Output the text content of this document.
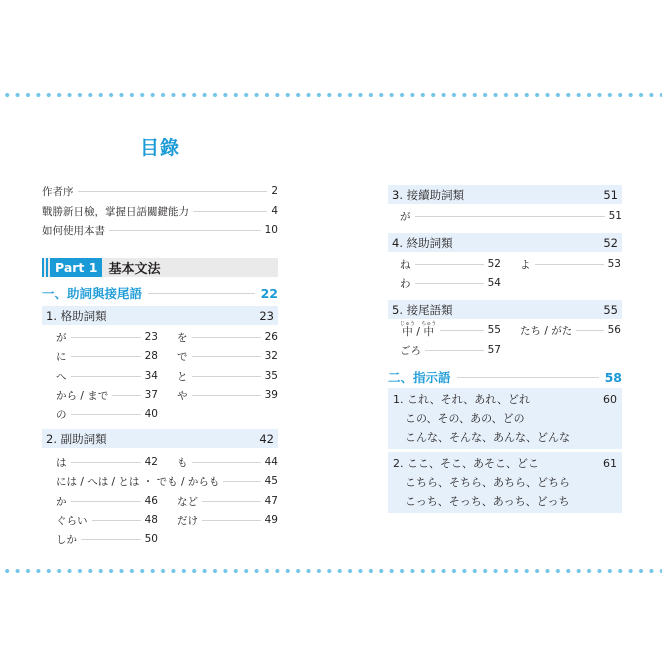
目錄
作者序	2
戰勝新日檢，掌握日語關鍵能力	4
如何使用本書	10
Part 1 基本文法
一、助詞與接尾語	22
1. 格助詞類	23
が	23 を	26
に	28 で	32
へ	34 と	35
から / まで	37 や	39
の	40
2. 副助詞類	42
は	42 も	44
には / へは / とは ・ でも / からも	45
か	46 など	47
ぐらい	48 だけ	49
しか	50
3. 接續助詞類	51
が	51
4. 終助詞類	52
ね	52 よ	53
わ	54
5. 接尾語類	55
中じゅう / 中ちゅう	55 たち / がた	56
ごろ	57
二、指示語	58
1. これ、それ、あれ、どれ	60
この、その、あの、どの
こんな、そんな、あんな、どんな
2. ここ、そこ、あそこ、どこ	61
こちら、そちら、あちら、どちら
こっち、そっち、あっち、どっち
